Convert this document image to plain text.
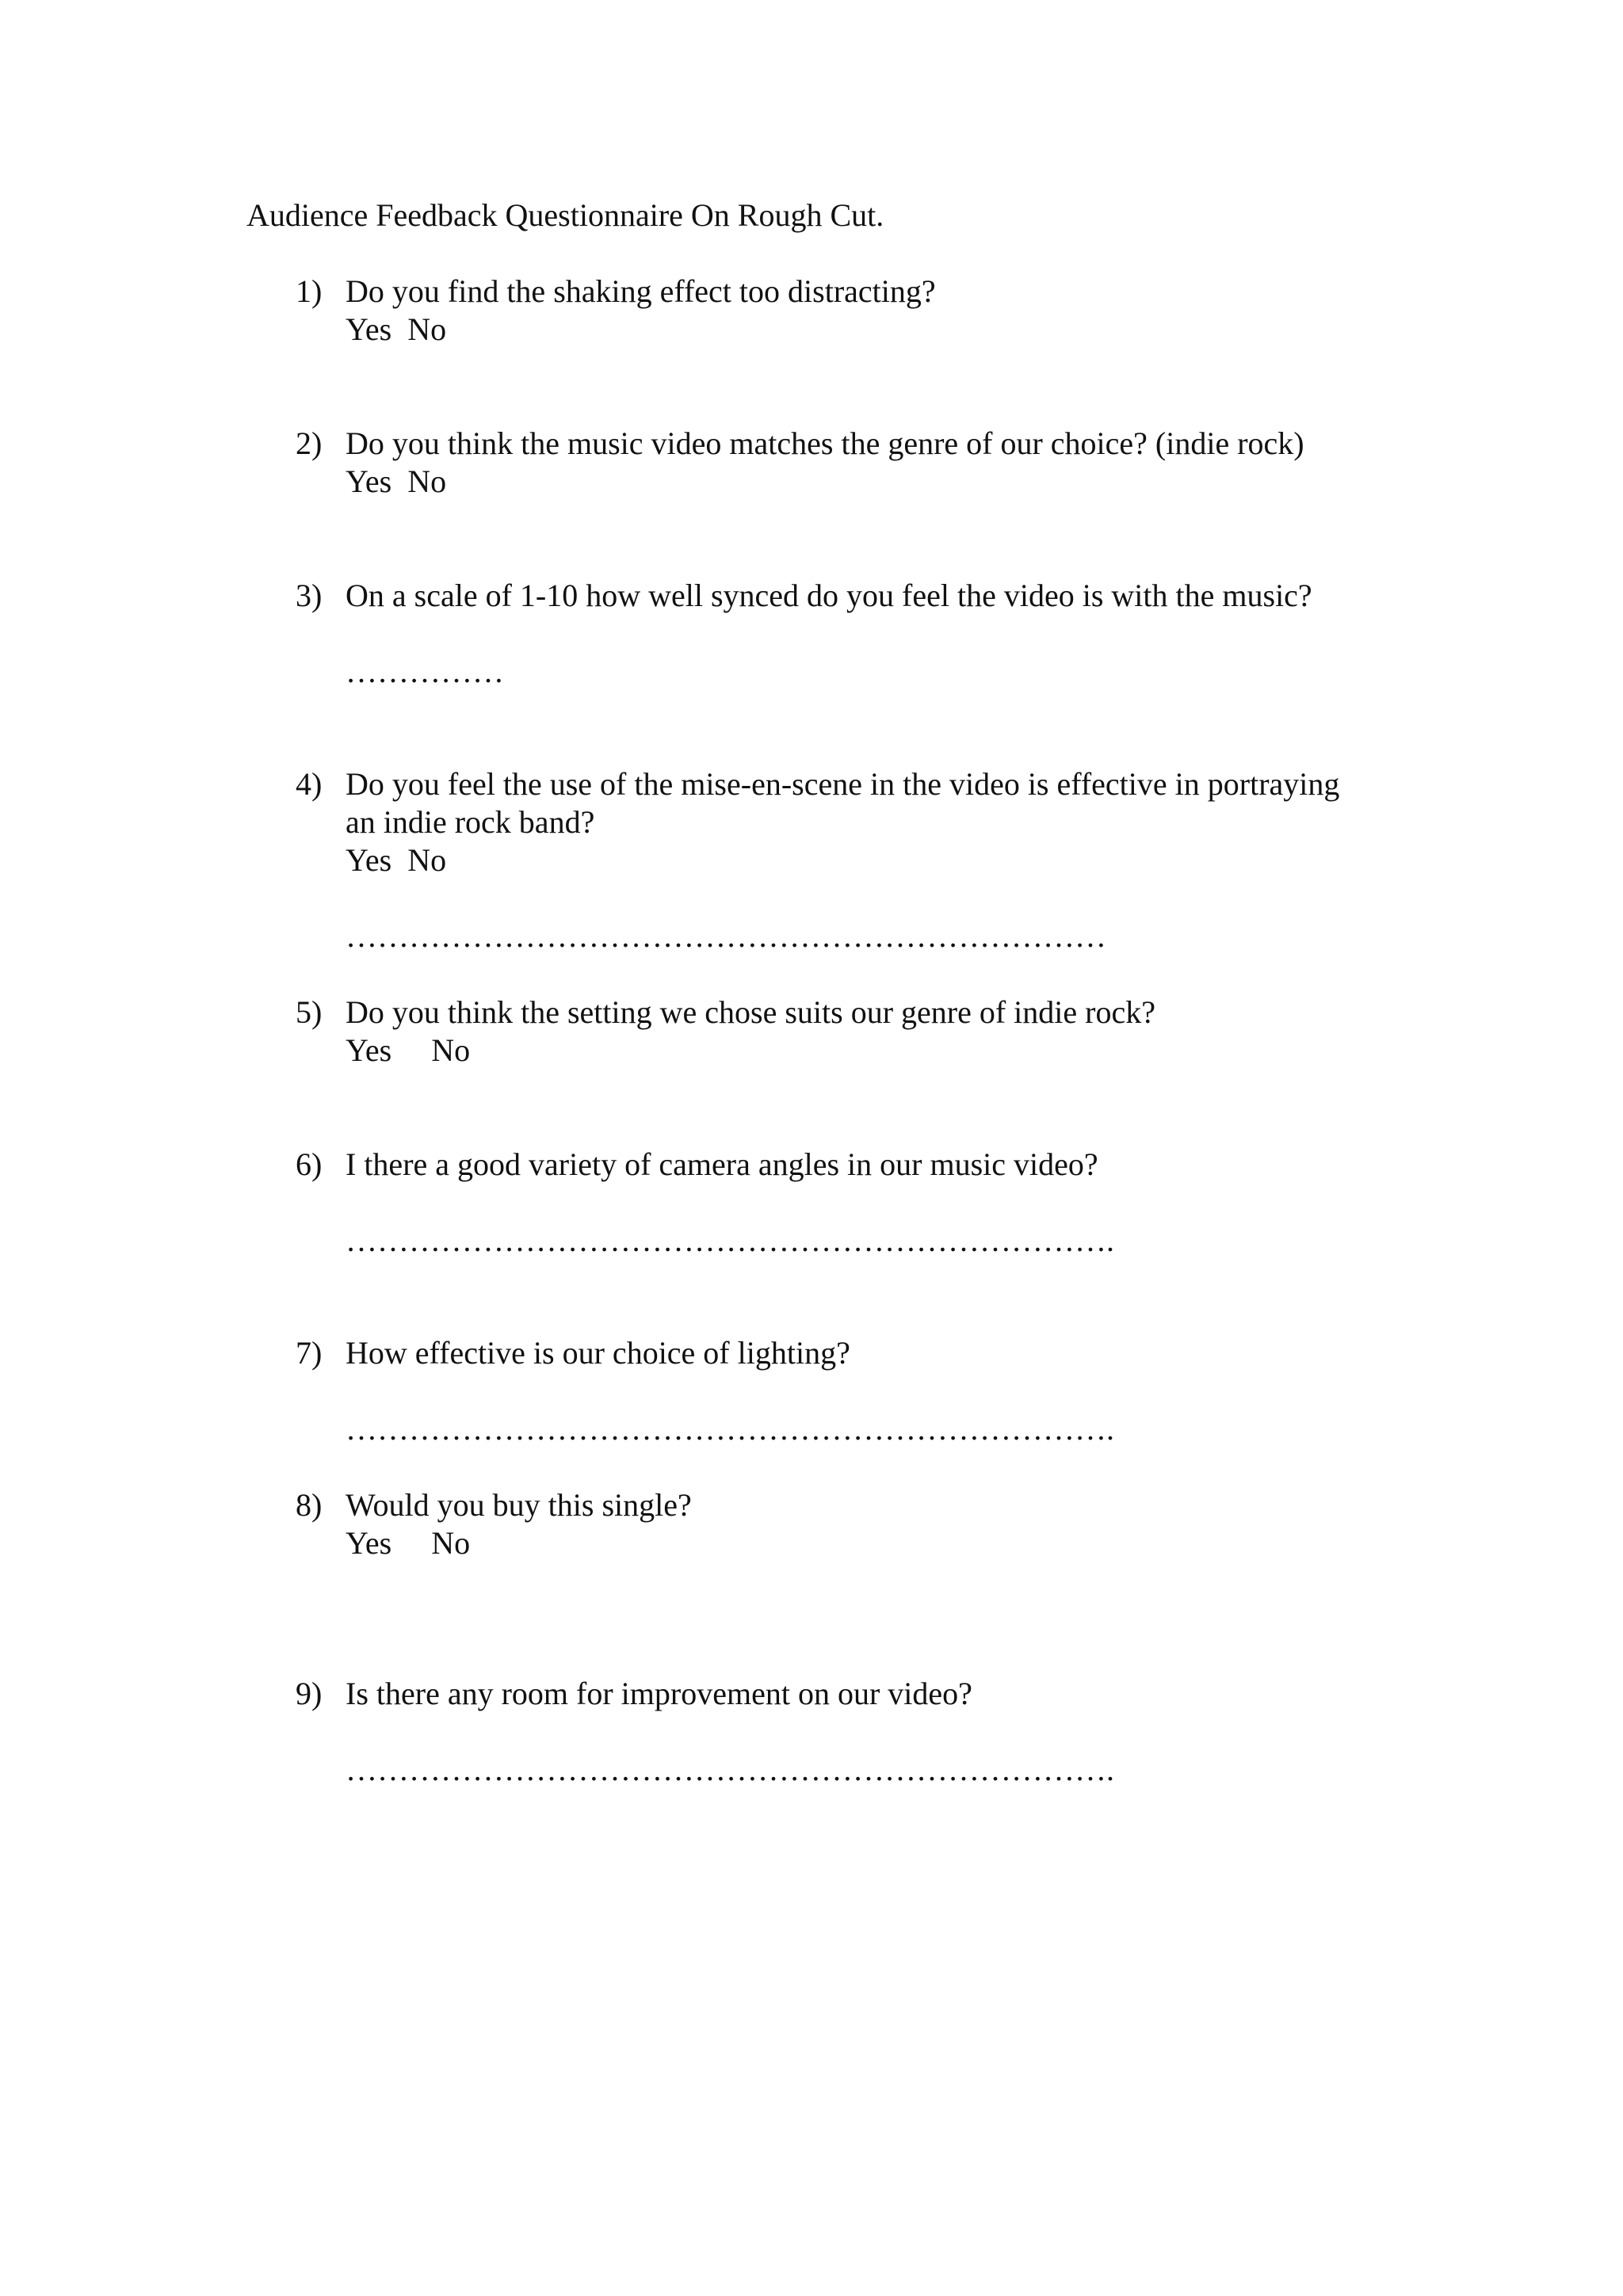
Audience Feedback Questionnaire On Rough Cut.

1) Do you find the shaking effect too distracting?

Yes  No

2) Do you think the music video matches the genre of our choice? (indie rock)

Yes  No

3) On a scale of 1-10 how well synced do you feel the video is with the music?

……………

4) Do you feel the use of the mise-en-scene in the video is effective in portraying

an indie rock band?

Yes  No

………………………………………………………………

5) Do you think the setting we chose suits our genre of indie rock?

Yes     No

6) I there a good variety of camera angles in our music video?

……………………………………………………………….

7) How effective is our choice of lighting?

……………………………………………………………….

8) Would you buy this single?

Yes     No

9) Is there any room for improvement on our video?

……………………………………………………………….
